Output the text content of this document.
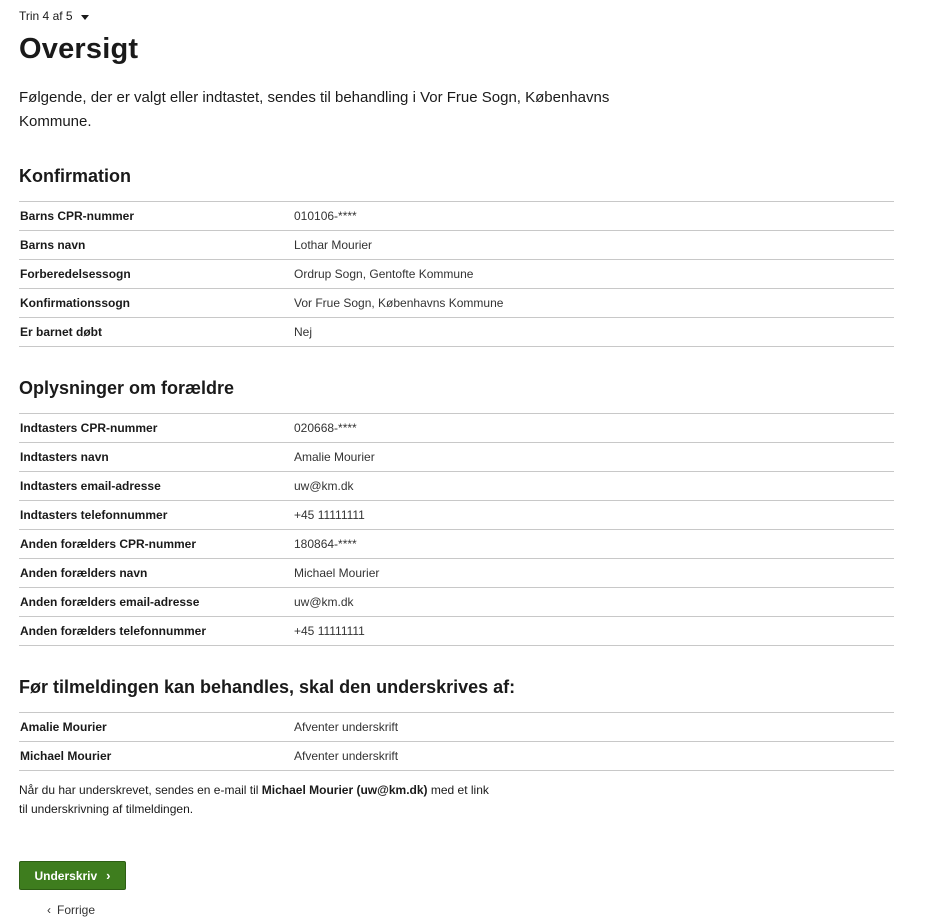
Trin 4 af 5
Oversigt

Følgende, der er valgt eller indtastet, sendes til behandling i Vor Frue Sogn, Københavns Kommune.

Konfirmation
Barns CPR-nummer	010106-****
Barns navn	Lothar Mourier
Forberedelsessogn	Ordrup Sogn, Gentofte Kommune
Konfirmationssogn	Vor Frue Sogn, Københavns Kommune
Er barnet døbt	Nej
Oplysninger om forældre
Indtasters CPR-nummer	020668-****
Indtasters navn	Amalie Mourier
Indtasters email-adresse	uw@km.dk
Indtasters telefonnummer	+45 11111111
Anden forælders CPR-nummer	180864-****
Anden forælders navn	Michael Mourier
Anden forælders email-adresse	uw@km.dk
Anden forælders telefonnummer	+45 11111111
Før tilmeldingen kan behandles, skal den underskrives af:
Amalie Mourier	Afventer underskrift
Michael Mourier	Afventer underskrift

Når du har underskrevet, sendes en e-mail til Michael Mourier (uw@km.dk) med et link
til underskrivning af tilmeldingen.

Underskriv ›
‹ Forrige
